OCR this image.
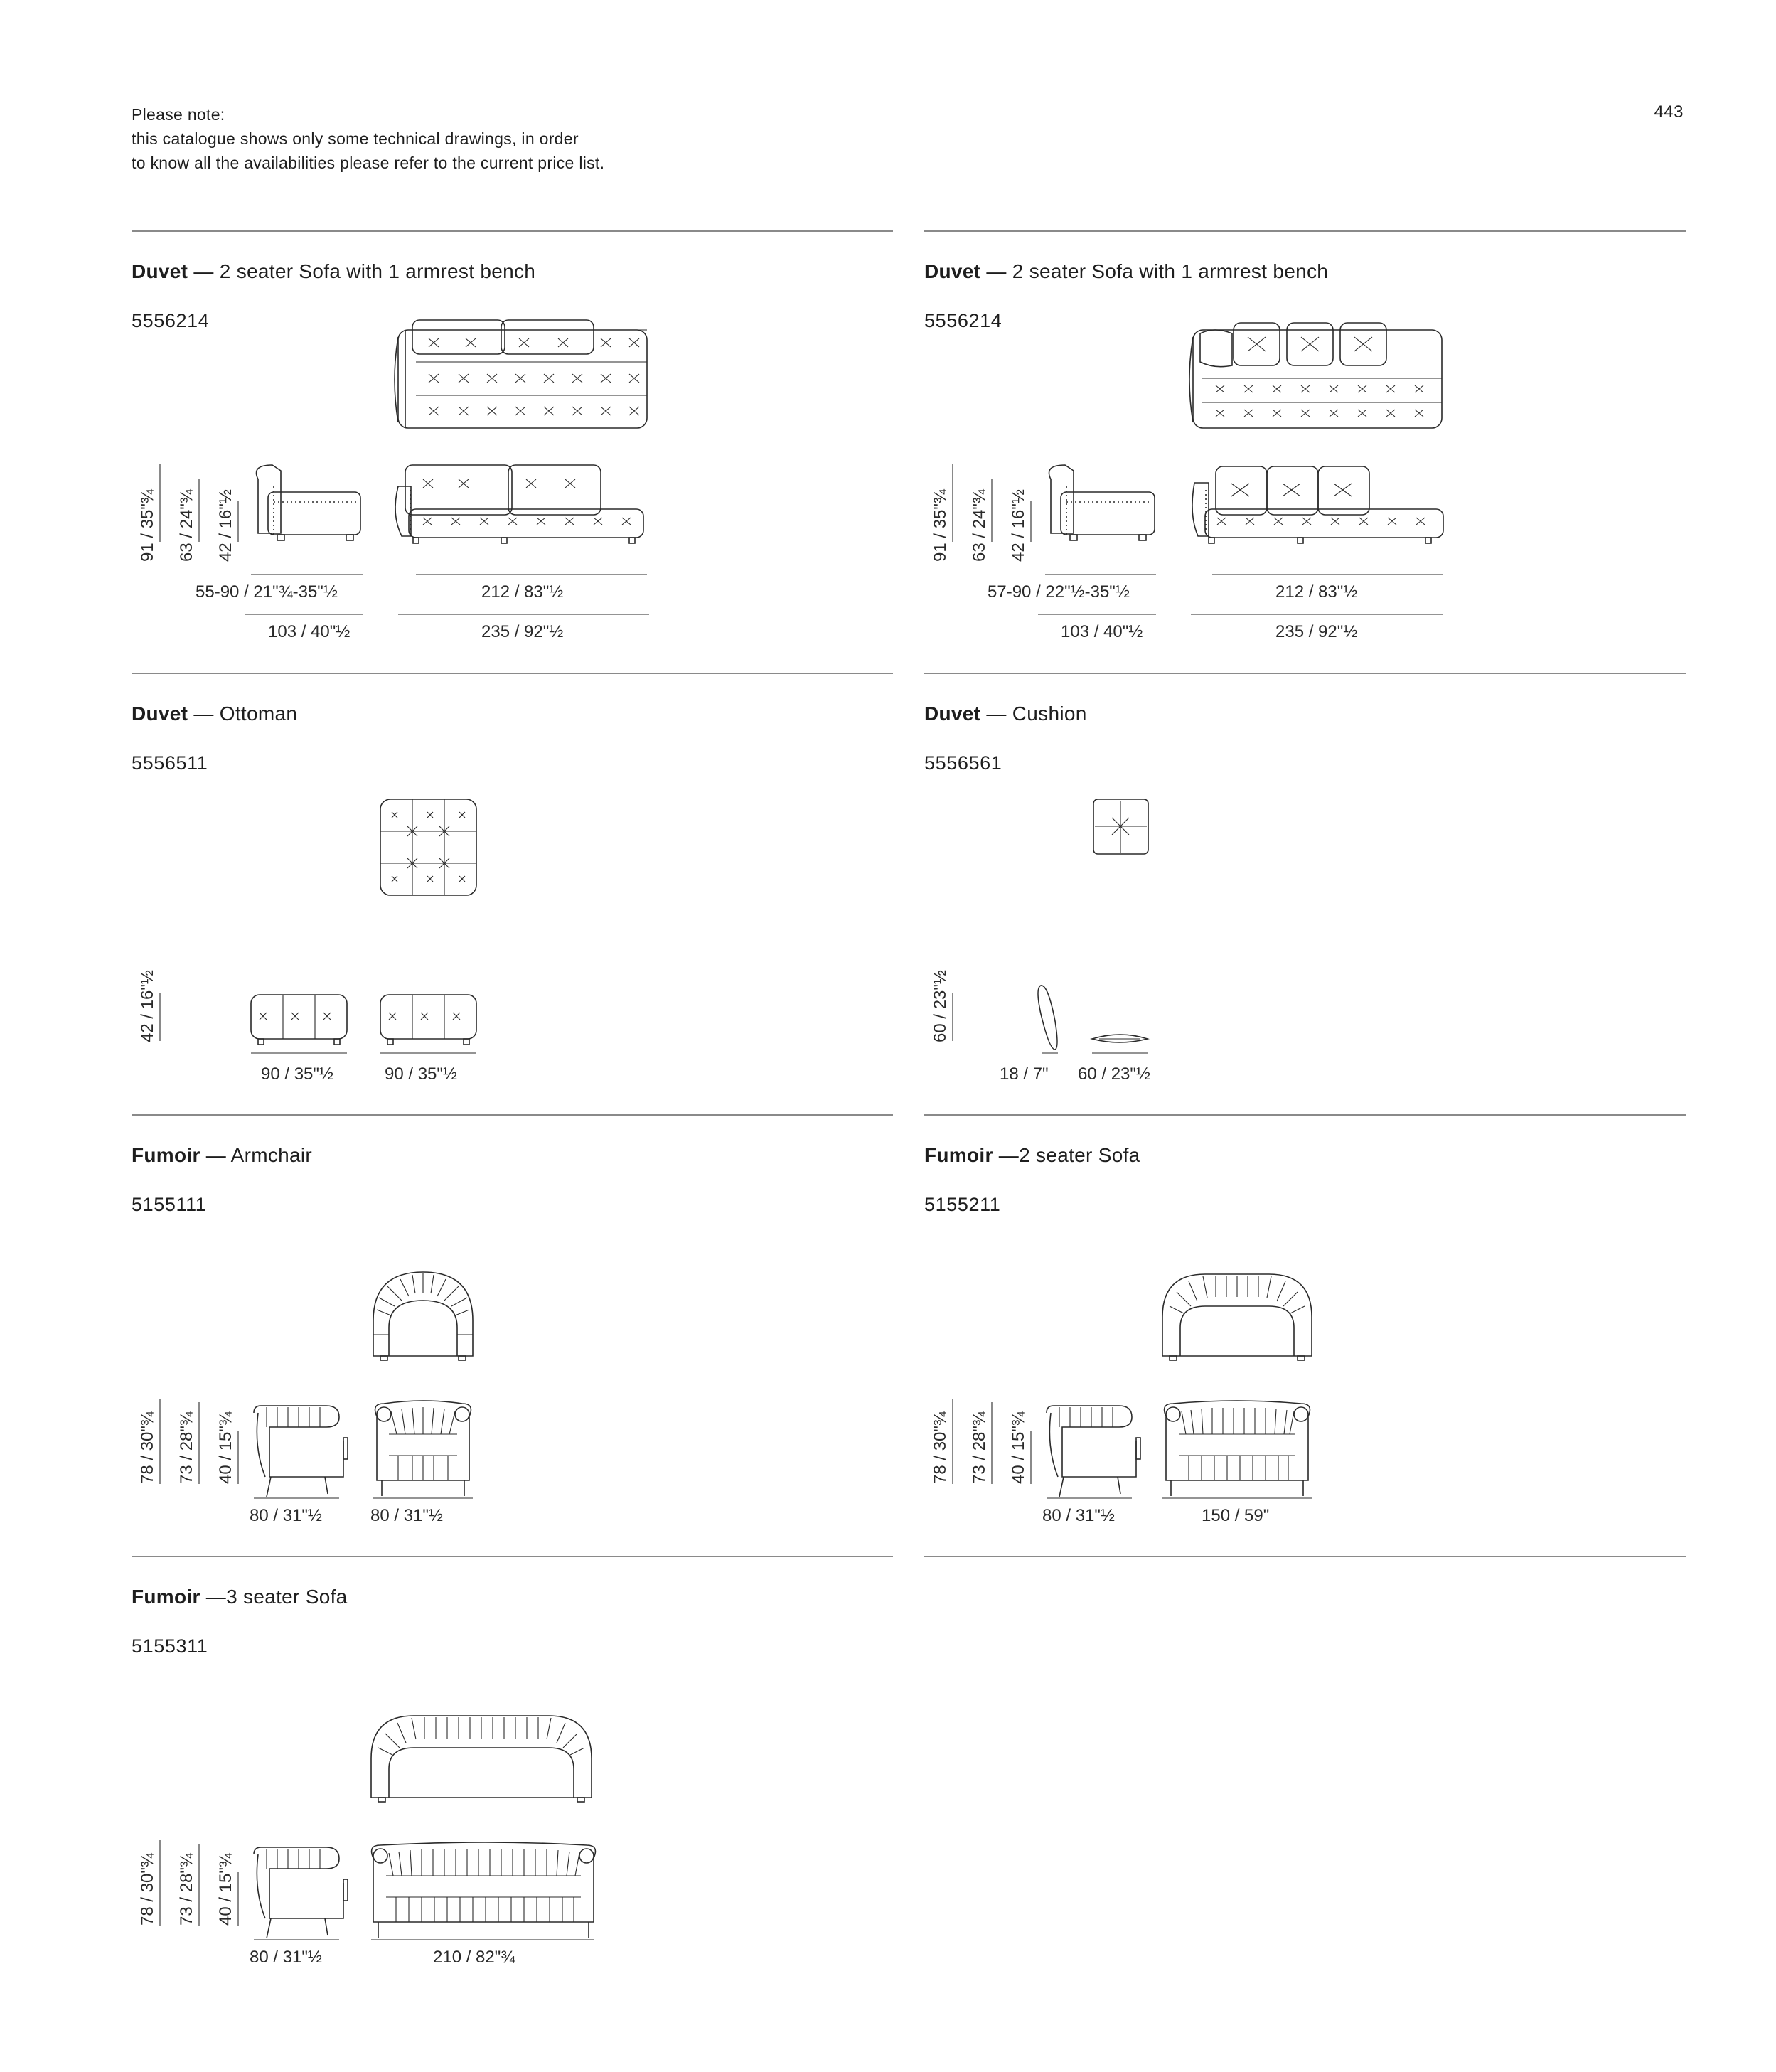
Please note:
this catalogue shows only some technical drawings, in order
to know all the availabilities please refer to the current price list.
443
91 / 35"¾ 63 / 24"¾ 42 / 16"½
55-90 / 21"¾-35"½
103 / 40"½
212 / 83"½
235 / 92"½
Duvet — 2 seater Sofa with 1 armrest bench
5556214
91 / 35"¾ 63 / 24"¾ 42 / 16"½
57-90 / 22"½-35"½
103 / 40"½
212 / 83"½
235 / 92"½
Duvet — 2 seater Sofa with 1 armrest bench
5556214
42 / 16"½
90 / 35"½	90 / 35"½
Duvet — Ottoman
5556511
60 / 23"½
18 / 7" 60 / 23"½
Duvet — Cushion
5556561
78 / 30"¾ 73 / 28"¾ 40 / 15"¾
80 / 31"½	80 / 31"½
Fumoir — Armchair
5155111
78 / 30"¾ 73 / 28"¾ 40 / 15"¾
80 / 31"½	150 / 59"
Fumoir —2 seater Sofa
5155211
78 / 30"¾ 73 / 28"¾ 40 / 15"¾
80 / 31"½	210 / 82"¾
Fumoir —3 seater Sofa
5155311
